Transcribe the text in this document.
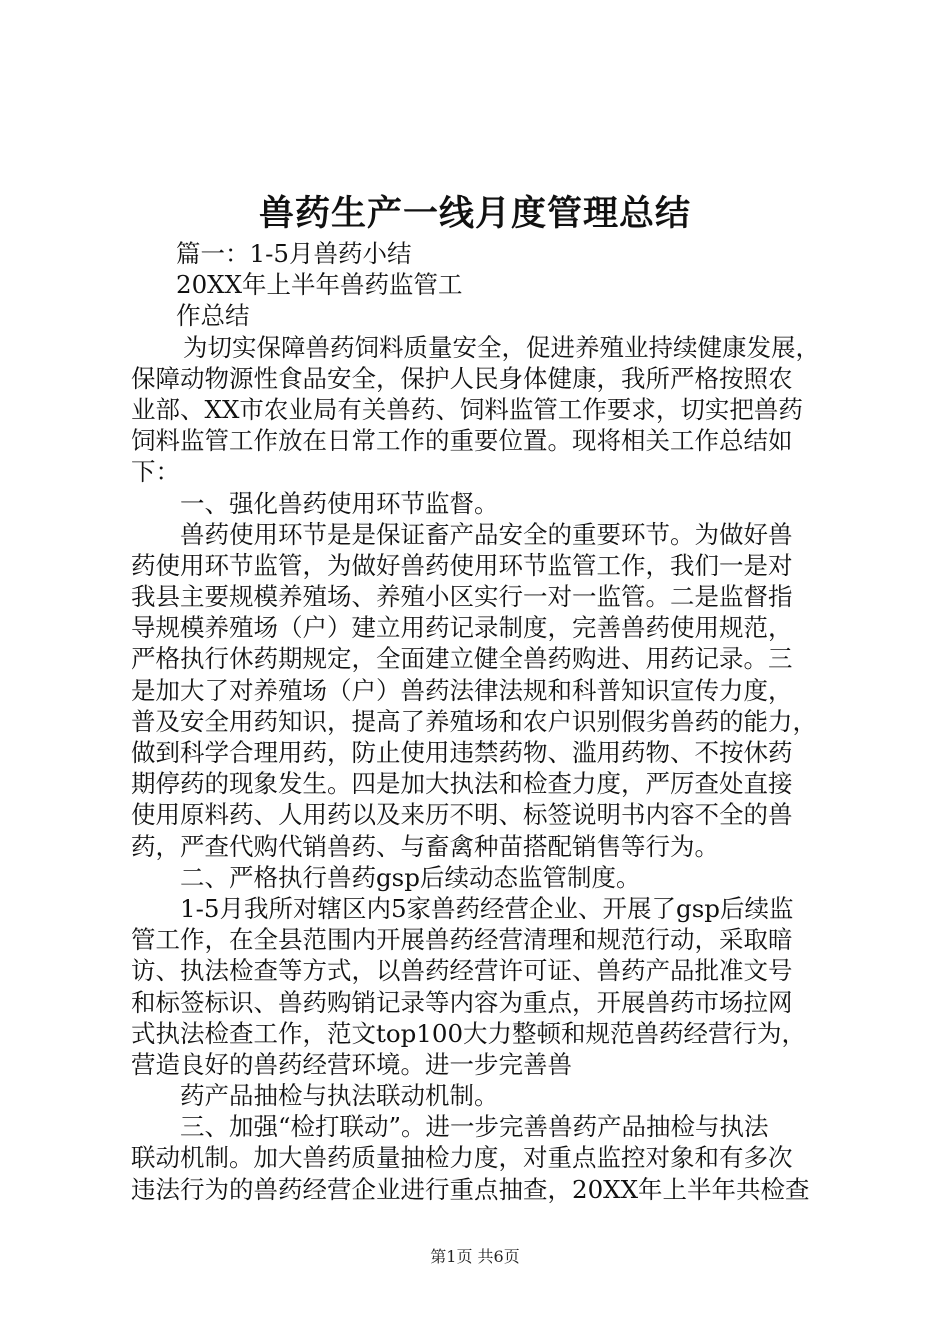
兽药生产一线月度管理总结
篇一：1-5月兽药小结
20XX年上半年兽药监管工
作总结
为切实保障兽药饲料质量安全，促进养殖业持续健康发展，
保障动物源性食品安全，保护人民身体健康，我所严格按照农
业部、XX市农业局有关兽药、饲料监管工作要求，切实把兽药
饲料监管工作放在日常工作的重要位置。现将相关工作总结如
下：
一、强化兽药使用环节监督。
兽药使用环节是是保证畜产品安全的重要环节。为做好兽
药使用环节监管，为做好兽药使用环节监管工作，我们一是对
我县主要规模养殖场、养殖小区实行一对一监管。二是监督指
导规模养殖场（户）建立用药记录制度，完善兽药使用规范，
严格执行休药期规定，全面建立健全兽药购进、用药记录。三
是加大了对养殖场（户）兽药法律法规和科普知识宣传力度，
普及安全用药知识，提高了养殖场和农户识别假劣兽药的能力，
做到科学合理用药，防止使用违禁药物、滥用药物、不按休药
期停药的现象发生。四是加大执法和检查力度，严厉查处直接
使用原料药、人用药以及来历不明、标签说明书内容不全的兽
药，严查代购代销兽药、与畜禽种苗搭配销售等行为。
二、严格执行兽药gsp后续动态监管制度。
1-5月我所对辖区内5家兽药经营企业、开展了gsp后续监
管工作，在全县范围内开展兽药经营清理和规范行动，采取暗
访、执法检查等方式，以兽药经营许可证、兽药产品批准文号
和标签标识、兽药购销记录等内容为重点，开展兽药市场拉网
式执法检查工作，范文top100大力整顿和规范兽药经营行为，
营造良好的兽药经营环境。进一步完善兽
药产品抽检与执法联动机制。
三、加强“检打联动”。进一步完善兽药产品抽检与执法
联动机制。加大兽药质量抽检力度，对重点监控对象和有多次
违法行为的兽药经营企业进行重点抽查，20XX年上半年共检查
第1页 共6页
